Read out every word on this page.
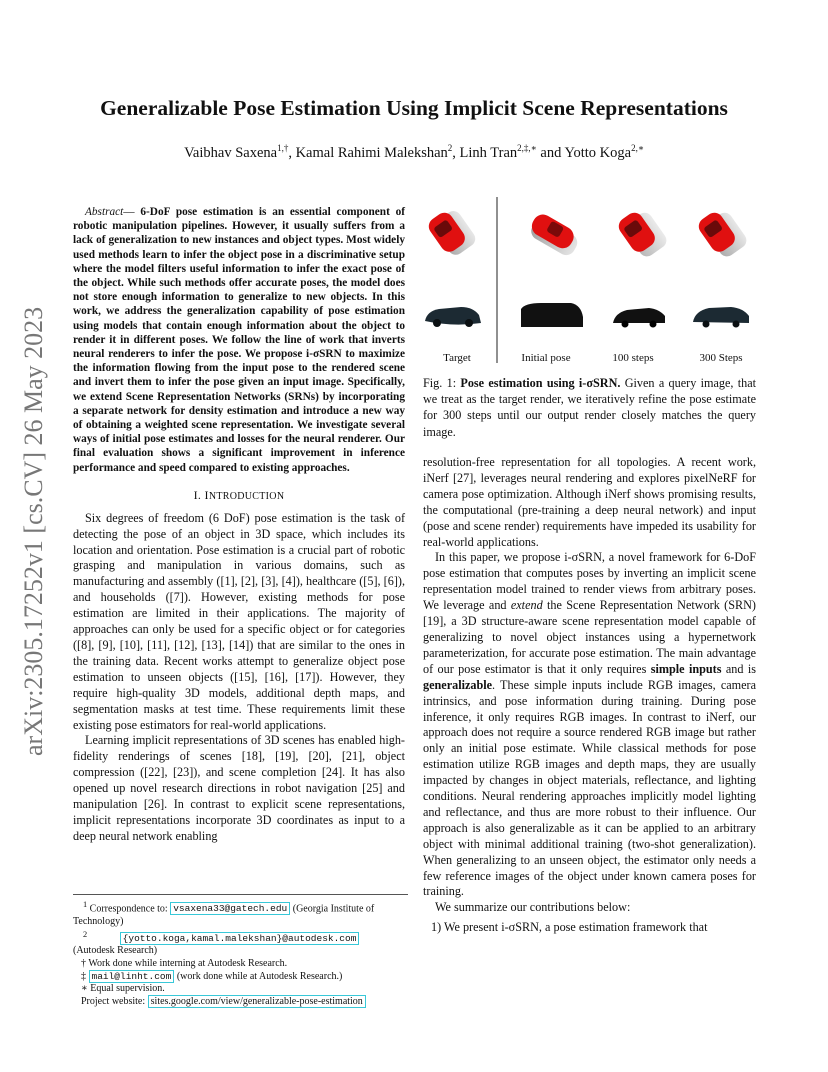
arXiv:2305.17252v1 [cs.CV] 26 May 2023
Generalizable Pose Estimation Using Implicit Scene Representations
Vaibhav Saxena$^{1,\dagger}$, Kamal Rahimi Malekshan$^2$, Linh Tran$^{2,\ddagger,∗}$ and Yotto Koga$^{2,∗}$

Abstract— 6-DoF pose estimation is an essential component of robotic manipulation pipelines. However, it usually suffers from a lack of generalization to new instances and object types. Most widely used methods learn to infer the object pose in a discriminative setup where the model filters useful information to infer the exact pose of the object. While such methods offer accurate poses, the model does not store enough information to generalize to new objects. In this work, we address the generalization capability of pose estimation using models that contain enough information about the object to render it in different poses. We follow the line of work that inverts neural renderers to infer the pose. We propose i-σSRN to maximize the information flowing from the input pose to the rendered scene and invert them to infer the pose given an input image. Specifically, we extend Scene Representation Networks (SRNs) by incorporating a separate network for density estimation and introduce a new way of obtaining a weighted scene representation. We investigate several ways of initial pose estimates and losses for the neural renderer. Our final evaluation shows a significant improvement in inference performance and speed compared to existing approaches.

I. INTRODUCTION

Six degrees of freedom (6 DoF) pose estimation is the task of detecting the pose of an object in 3D space, which includes its location and orientation. Pose estimation is a crucial part of robotic grasping and manipulation in various domains, such as manufacturing and assembly ([1], [2], [3], [4]), healthcare ([5], [6]), and households ([7]). However, existing methods for pose estimation are limited in their applications. The majority of approaches can only be used for a specific object or for categories ([8], [9], [10], [11], [12], [13], [14]) that are similar to the ones in the training data. Recent works attempt to generalize object pose estimation to unseen objects ([15], [16], [17]). However, they require high-quality 3D models, additional depth maps, and segmentation masks at test time. These requirements limit these existing pose estimators for real-world applications.

Learning implicit representations of 3D scenes has enabled high-fidelity renderings of scenes [18], [19], [20], [21], object compression ([22], [23]), and scene completion [24]. It has also opened up novel research directions in robot navigation [25] and manipulation [26]. In contrast to explicit scene representations, implicit representations incorporate 3D coordinates as input to a deep neural network enabling

$^1$ Correspondence to: vsaxena33@gatech.edu (Georgia Institute of Technology)
$^2$	{yotto.koga,kamal.malekshan}@autodesk.com
(Autodesk Research)
† Work done while interning at Autodesk Research.
‡ mail@linht.com (work done while at Autodesk Research.)
∗ Equal supervision.
Project website: sites.google.com/view/generalizable-pose-estimation
Target	Initial pose	100 steps	300 Steps
Fig. 1: Pose estimation using i-σSRN. Given a query image, that we treat as the target render, we iteratively refine the pose estimate for 300 steps until our output render closely matches the query image.

resolution-free representation for all topologies. A recent work, iNerf [27], leverages neural rendering and explores pixelNeRF for camera pose optimization. Although iNerf shows promising results, the computational (pre-training a deep neural network) and input (pose and scene render) requirements have impeded its usability for real-world applications.

In this paper, we propose i-σSRN, a novel framework for 6-DoF pose estimation that computes poses by inverting an implicit scene representation model trained to render views from arbitrary poses. We leverage and extend the Scene Representation Network (SRN) [19], a 3D structure-aware scene representation model capable of generalizing to novel object instances using a hypernetwork parameterization, for accurate pose estimation. The main advantage of our pose estimator is that it only requires simple inputs and is generalizable. These simple inputs include RGB images, camera intrinsics, and pose information during training. During pose inference, it only requires RGB images. In contrast to iNerf, our approach does not require a source rendered RGB image but rather only an initial pose estimate. While classical methods for pose estimation utilize RGB images and depth maps, they are usually impacted by changes in object materials, reflectance, and lighting conditions. Neural rendering approaches implicitly model lighting and reflectance, and thus are more robust to their influence. Our approach is also generalizable as it can be applied to an arbitrary object with minimal additional training (two-shot generalization). When generalizing to an unseen object, the estimator only needs a few reference images of the object under known camera poses for training.

We summarize our contributions below:

1) We present i-σSRN, a pose estimation framework that
